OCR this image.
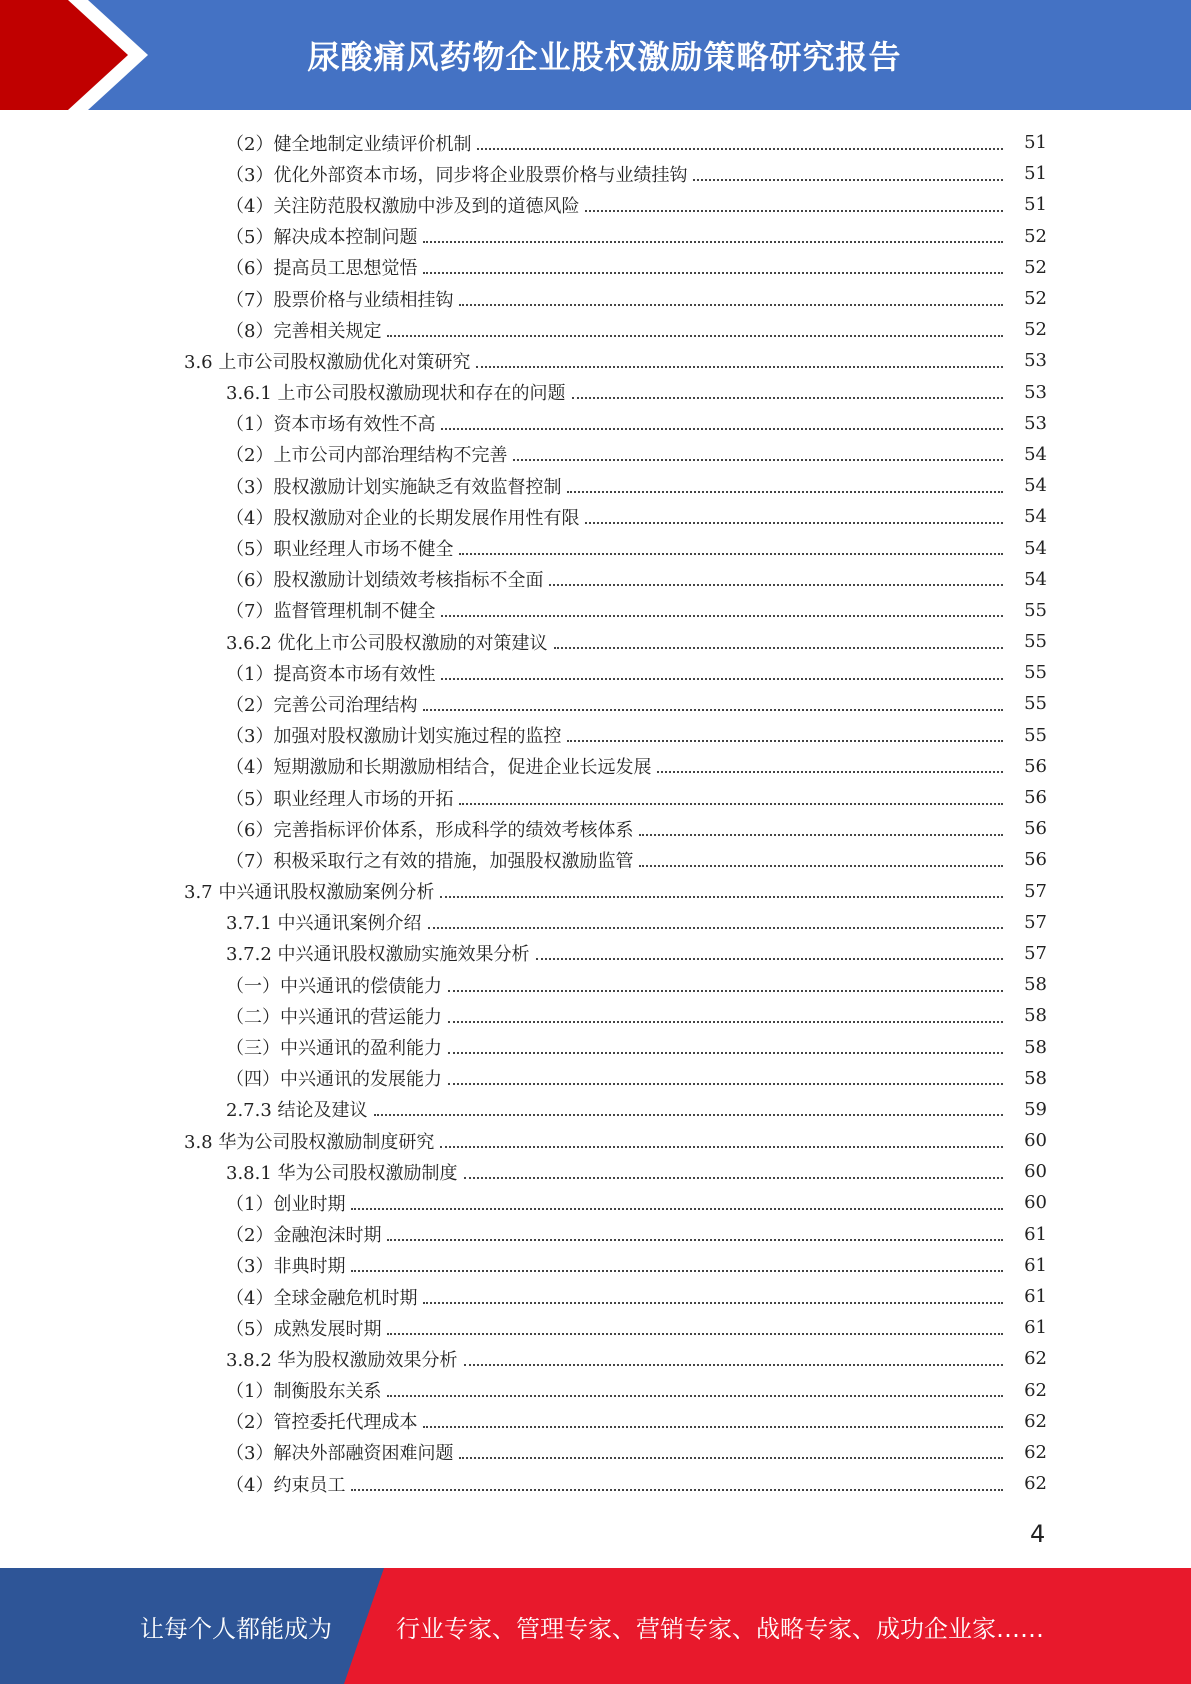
尿酸痛风药物企业股权激励策略研究报告
（2）健全地制定业绩评价机制	51
（3）优化外部资本市场，同步将企业股票价格与业绩挂钩	51
（4）关注防范股权激励中涉及到的道德风险	51
（5）解决成本控制问题	52
（6）提高员工思想觉悟	52
（7）股票价格与业绩相挂钩	52
（8）完善相关规定	52
3.6 上市公司股权激励优化对策研究	53
3.6.1 上市公司股权激励现状和存在的问题	53
（1）资本市场有效性不高	53
（2）上市公司内部治理结构不完善	54
（3）股权激励计划实施缺乏有效监督控制	54
（4）股权激励对企业的长期发展作用性有限	54
（5）职业经理人市场不健全	54
（6）股权激励计划绩效考核指标不全面	54
（7）监督管理机制不健全	55
3.6.2 优化上市公司股权激励的对策建议	55
（1）提高资本市场有效性	55
（2）完善公司治理结构	55
（3）加强对股权激励计划实施过程的监控	55
（4）短期激励和长期激励相结合，促进企业长远发展	56
（5）职业经理人市场的开拓	56
（6）完善指标评价体系，形成科学的绩效考核体系	56
（7）积极采取行之有效的措施，加强股权激励监管	56
3.7 中兴通讯股权激励案例分析	57
3.7.1 中兴通讯案例介绍	57
3.7.2 中兴通讯股权激励实施效果分析	57
（一）中兴通讯的偿债能力	58
（二）中兴通讯的营运能力	58
（三）中兴通讯的盈利能力	58
（四）中兴通讯的发展能力	58
2.7.3 结论及建议	59
3.8 华为公司股权激励制度研究	60
3.8.1 华为公司股权激励制度	60
（1）创业时期	60
（2）金融泡沫时期	61
（3）非典时期	61
（4）全球金融危机时期	61
（5）成熟发展时期	61
3.8.2 华为股权激励效果分析	62
（1）制衡股东关系	62
（2）管控委托代理成本	62
（3）解决外部融资困难问题	62
（4）约束员工	62
4
让每个人都能成为	行业专家、管理专家、营销专家、战略专家、成功企业家……
